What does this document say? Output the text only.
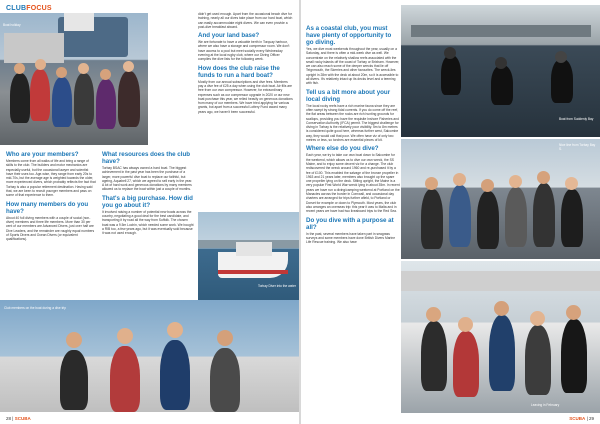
CLUBFOCUS
Boat holiday
Who are your members?

Members come from all walks of life and bring a range of skills to the club. The builders and motor mechanics are especially useful, but the occasional lawyer and scientist have their uses too. Age-wise, they range from early 20s to mid-70s, but the average age is weighted towards the older, more experienced divers, which probably reflects the fact that Torbay is also a popular retirement destination. Having said that, we are keen to recruit younger members and pass on some of that experience to them.

How many members do you have?

About 40 full diving members with a couple of social (non-diver) members and three life members. More than 30 per cent of our members are Advanced Divers, just over half are Dive Leaders, and the remainder are roughly equal numbers of Sports Divers and Ocean Divers (or equivalent qualifications).

What resources does the club have?

Torbay BSAC has always owned a hard boat. The biggest achievement in the past year has been the purchase of a larger, more powerful dive boat to replace our faithful, but ageing, Aquabell 27, which we agreed to sell early in the year. A lot of hard work and generous donations by many members allowed us to replace the boat within just a couple of months.

That's a big purchase. How did you go about it?

It involved raising a number of potential new boats across the country, negotiating a good deal for the best candidate, and transporting it by road all the way from Suffolk. The chosen boat was a 9.5m Lochin, which needed some work. We bought a RIB too, a few years ago, but it was eventually sold because it was not used enough.

didn't get used enough. Apart from the occasional beach dive for training, nearly all our dives take place from our hard boat, which can easily accommodate eight divers. We can even provide a post-dive breakfast aboard.

And your land base?

We are fortunate to have a valuable berth in Torquay harbour, where we also have a storage and compressor room. We don't have access to a pool but meet socially every Wednesday evening at the local rugby club, where our Diving Officer compiles the dive lists for the following week.

How does the club raise the funds to run a hard boat?

Mostly from our annual subscriptions and dive fees. Members pay a dive fee of £25 a day when using the club boat. Air fills are free from our own compressor. However, for extraordinary expenses such as our compressor upgrade in 2020 or our new boat purchase this year, we relied heavily on generous donations from many of our members. We have tried applying for various grants, but apart from a successful Lottery Fund award many years ago, we haven't been successful.

Torbay Diver into the water
Club members on the boat during a dive trip
28 | SCUBA
Boat from Suddenly Bay
As a coastal club, you must have plenty of opportunity to go diving.

Yes, we dive most weekends throughout the year, usually on a Saturday, and there is often a mid-week dive as well. We concentrate on the relatively shallow reefs associated with the small rocky islands off the coast of Torbay or Brixham. However, we can also reach some of the deeper wrecks that lie off Teignmouth, the Skerries and other favourites. The wreck-lies upright in 28m with the deck at about 20m, so it is accessible to all divers. It's relatively intact up its decks level and a teeming with fish.

Tell us a bit more about your local diving

The local rocky reefs have a rich marine fauna since they are often swept by strong tidal currents. If you do come off the reef, the flat areas between the rocks are rich hunting grounds for scallops, providing you have the requisite Inshore Fisheries and Conservation Authority (IFCA) permit. The biggest challenge for diving in Torbay is the relatively poor visibility. 5m to 8m metres is considered quite good here, whereas further west, Salcombe way, they would call that poor. We often have viz of only two metres or less, so torches are essential pieces of kit.

Where else do you dive?

Each year, we try to take our own boat down to Salcombe for the weekend, which allows us to dive our own wreck, the SS Maine, and to enjoy some decent viz for a change. The club rediscovered the wreck around 1960 and re-purchased it by a fee of £100. This enabled the salvage of the bronze propeller in 1963 and 21 years later, members also brought up the spare one propeller lying on the deck. Sitting upright, the Maine is a very popular First World War wreck lying in about 35m. In recent years we have run a diving/camping weekend at Portland on the Manacles across the border in Cornwall, and occasional day charters are arranged for trips further afield, to Portland or Dorset for example or down to Plymouth. Most years, the club also arranges an overseas trip: this year it was to Malta and in recent years we have had two liveaboard trips to the Red Sea.

Do you dive with a purpose at all?

In the past, several members have taken part in seagrass surveys and some members have done British Divers Marine Life Rescue training. We also have

Nice line from Torbay Bay S.
Leaving in February
SCUBA | 29
